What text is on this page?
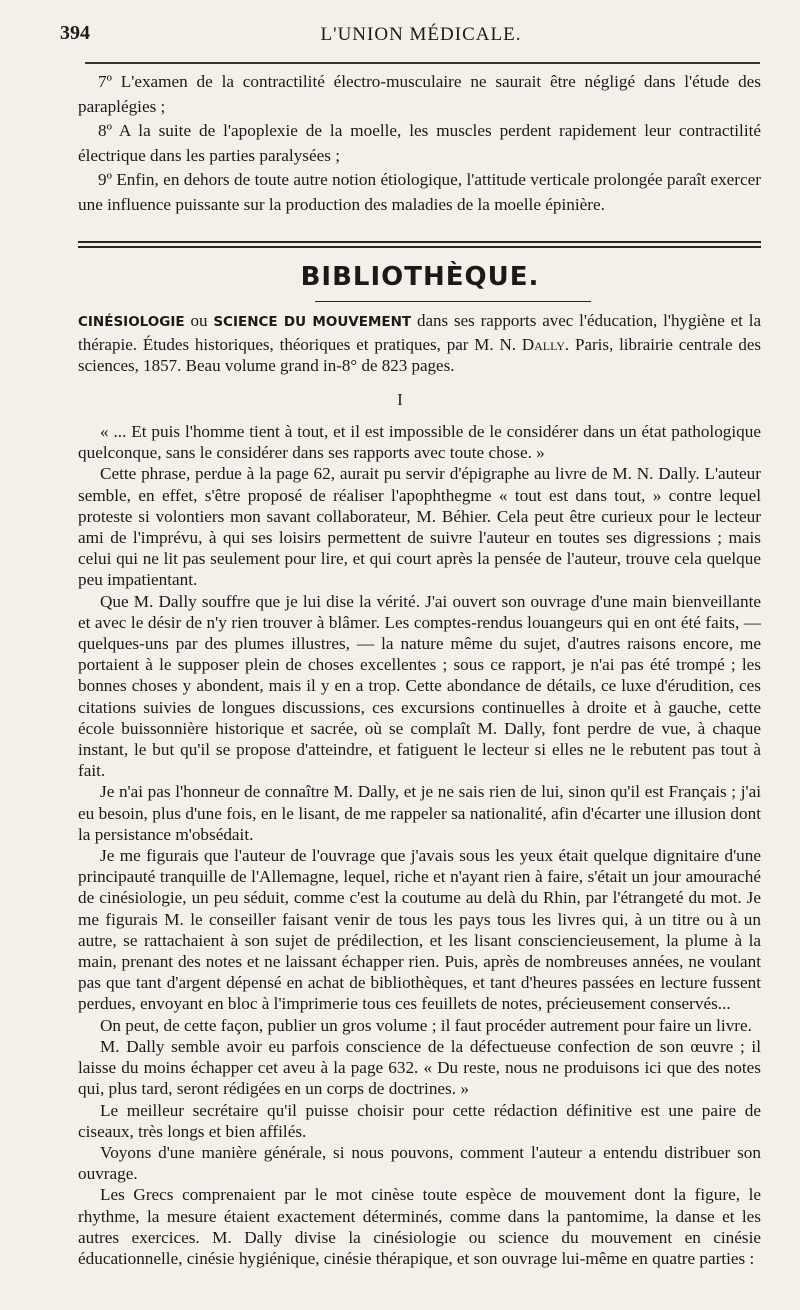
394	L'UNION MÉDICALE.

7º L'examen de la contractilité électro-musculaire ne saurait être négligé dans l'étude des paraplégies ;

8º A la suite de l'apoplexie de la moelle, les muscles perdent rapidement leur contractilité électrique dans les parties paralysées ;

9º Enfin, en dehors de toute autre notion étiologique, l'attitude verticale prolongée paraît exercer une influence puissante sur la production des maladies de la moelle épinière.

BIBLIOTHÈQUE.
CINÉSIOLOGIE ou SCIENCE DU MOUVEMENT dans ses rapports avec l'éducation, l'hygiène et la thérapie. Études historiques, théoriques et pratiques, par M. N. Dally. Paris, librairie centrale des sciences, 1857. Beau volume grand in-8° de 823 pages.
I

« ... Et puis l'homme tient à tout, et il est impossible de le considérer dans un état pathologique quelconque, sans le considérer dans ses rapports avec toute chose. »

Cette phrase, perdue à la page 62, aurait pu servir d'épigraphe au livre de M. N. Dally. L'auteur semble, en effet, s'être proposé de réaliser l'apophthegme « tout est dans tout, » contre lequel proteste si volontiers mon savant collaborateur, M. Béhier. Cela peut être curieux pour le lecteur ami de l'imprévu, à qui ses loisirs permettent de suivre l'auteur en toutes ses digressions ; mais celui qui ne lit pas seulement pour lire, et qui court après la pensée de l'auteur, trouve cela quelque peu impatientant.

Que M. Dally souffre que je lui dise la vérité. J'ai ouvert son ouvrage d'une main bienveillante et avec le désir de n'y rien trouver à blâmer. Les comptes-rendus louangeurs qui en ont été faits, — quelques-uns par des plumes illustres, — la nature même du sujet, d'autres raisons encore, me portaient à le supposer plein de choses excellentes ; sous ce rapport, je n'ai pas été trompé ; les bonnes choses y abondent, mais il y en a trop. Cette abondance de détails, ce luxe d'érudition, ces citations suivies de longues discussions, ces excursions continuelles à droite et à gauche, cette école buissonnière historique et sacrée, où se complaît M. Dally, font perdre de vue, à chaque instant, le but qu'il se propose d'atteindre, et fatiguent le lecteur si elles ne le rebutent pas tout à fait.

Je n'ai pas l'honneur de connaître M. Dally, et je ne sais rien de lui, sinon qu'il est Français ; j'ai eu besoin, plus d'une fois, en le lisant, de me rappeler sa nationalité, afin d'écarter une illusion dont la persistance m'obsédait.

Je me figurais que l'auteur de l'ouvrage que j'avais sous les yeux était quelque dignitaire d'une principauté tranquille de l'Allemagne, lequel, riche et n'ayant rien à faire, s'était un jour amouraché de cinésiologie, un peu séduit, comme c'est la coutume au delà du Rhin, par l'étrangeté du mot. Je me figurais M. le conseiller faisant venir de tous les pays tous les livres qui, à un titre ou à un autre, se rattachaient à son sujet de prédilection, et les lisant consciencieusement, la plume à la main, prenant des notes et ne laissant échapper rien. Puis, après de nombreuses années, ne voulant pas que tant d'argent dépensé en achat de bibliothèques, et tant d'heures passées en lecture fussent perdues, envoyant en bloc à l'imprimerie tous ces feuillets de notes, précieusement conservés...

On peut, de cette façon, publier un gros volume ; il faut procéder autrement pour faire un livre.

M. Dally semble avoir eu parfois conscience de la défectueuse confection de son œuvre ; il laisse du moins échapper cet aveu à la page 632. « Du reste, nous ne produisons ici que des notes qui, plus tard, seront rédigées en un corps de doctrines. »

Le meilleur secrétaire qu'il puisse choisir pour cette rédaction définitive est une paire de ciseaux, très longs et bien affilés.

Voyons d'une manière générale, si nous pouvons, comment l'auteur a entendu distribuer son ouvrage.

Les Grecs comprenaient par le mot cinèse toute espèce de mouvement dont la figure, le rhythme, la mesure étaient exactement déterminés, comme dans la pantomime, la danse et les autres exercices. M. Dally divise la cinésiologie ou science du mouvement en cinésie éducationnelle, cinésie hygiénique, cinésie thérapique, et son ouvrage lui-même en quatre parties :
